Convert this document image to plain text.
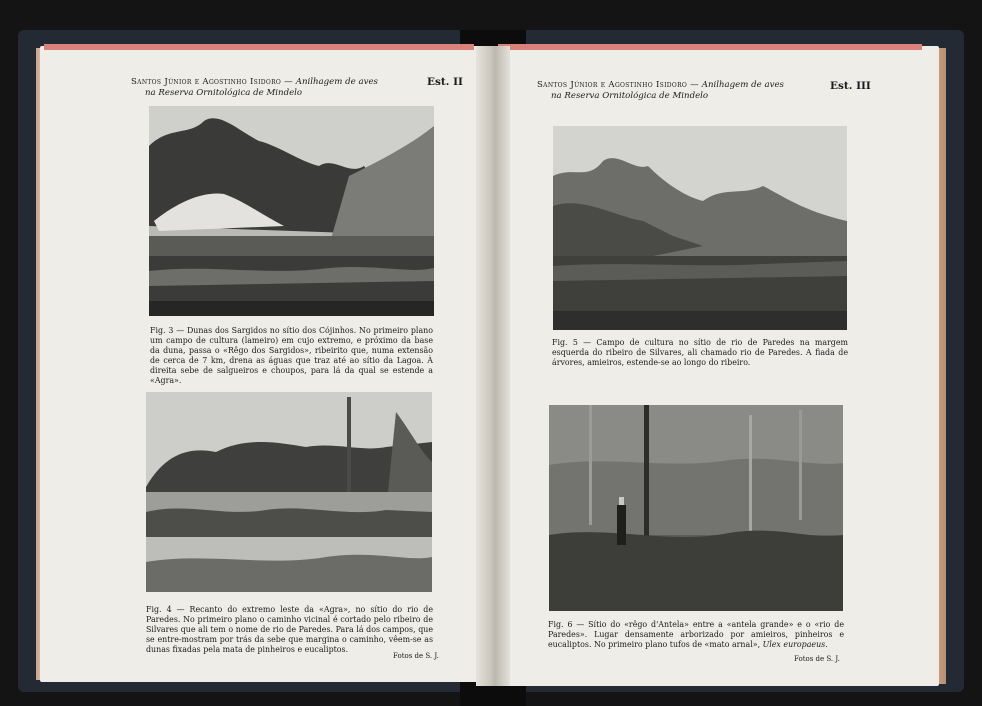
Santos Júnior e Agostinho Isidoro — Anilhagem de aves
na Reserva Ornitológica de Mindelo
Est. II
Fig. 3 — Dunas dos Sargidos no sítio dos Cójinhos. No primeiro plano um campo de cultura (lameiro) em cujo extremo, e próximo da base da duna, passa o «Rêgo dos Sargidos», ribeirito que, numa extensão de cerca de 7 km, drena as águas que traz até ao sítio da Lagoa. À direita sebe de salgueiros e choupos, para lá da qual se estende a «Agra».
Fig. 4 — Recanto do extremo leste da «Agra», no sítio do rio de Paredes. No primeiro plano o caminho vicinal é cortado pelo ribeiro de Silvares que ali tem o nome de rio de Paredes. Para lá dos campos, que se entre-mostram por trás da sebe que margina o caminho, vêem-se as dunas fixadas pela mata de pinheiros e eucaliptos.
Fotos de S. J.
Santos Júnior e Agostinho Isidoro — Anilhagem de aves
na Reserva Ornitológica de Mindelo
Est. III
Fig. 5 — Campo de cultura no sítio de rio de Paredes na margem esquerda do ribeiro de Silvares, ali chamado rio de Paredes. A fiada de árvores, amieiros, estende-se ao longo do ribeiro.
Fig. 6 — Sítio do «rêgo d'Antela» entre a «antela grande» e o «rio de Paredes». Lugar densamente arborizado por amieiros, pinheiros e eucaliptos. No primeiro plano tufos de «mato arnal», Ulex europaeus.
Fotos de S. J.
